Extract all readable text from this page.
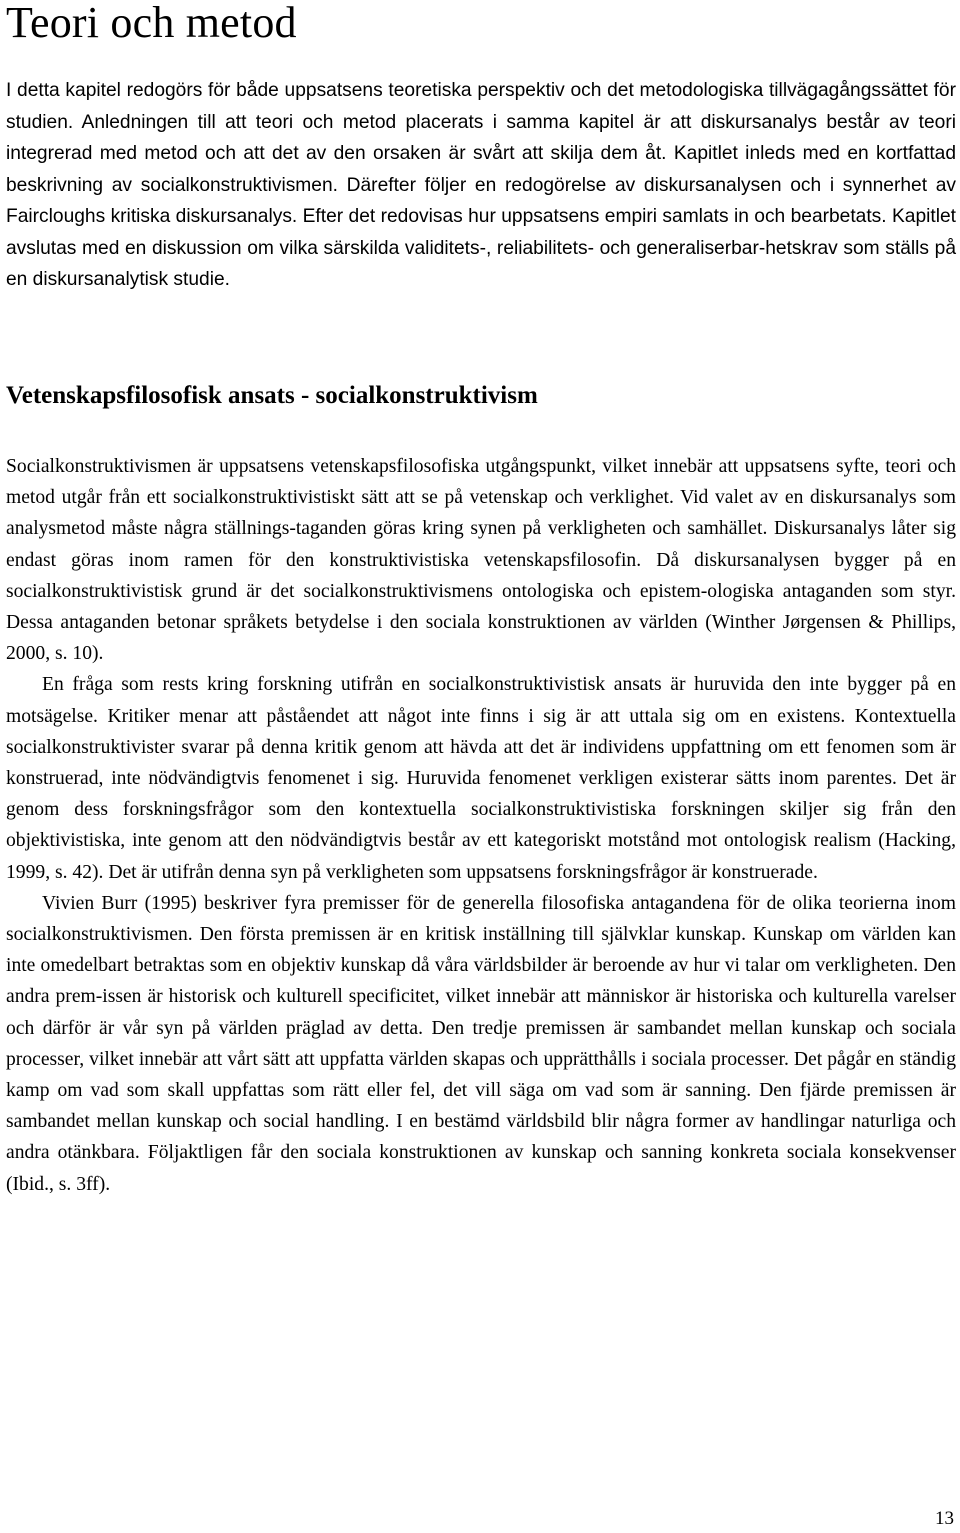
Teori och metod

I detta kapitel redogörs för både uppsatsens teoretiska perspektiv och det metodologiska tillvägagångssättet för studien. Anledningen till att teori och metod placerats i samma kapitel är att diskursanalys består av teori integrerad med metod och att det av den orsaken är svårt att skilja dem åt. Kapitlet inleds med en kortfattad beskrivning av socialkonstruktivismen. Därefter följer en redogörelse av diskursanalysen och i synnerhet av Faircloughs kritiska diskursanalys. Efter det redovisas hur uppsatsens empiri samlats in och bearbetats. Kapitlet avslutas med en diskussion om vilka särskilda validitets-, reliabilitets- och generaliserbar-hetskrav som ställs på en diskursanalytisk studie.

Vetenskapsfilosofisk ansats - socialkonstruktivism

Socialkonstruktivismen är uppsatsens vetenskapsfilosofiska utgångspunkt, vilket innebär att uppsatsens syfte, teori och metod utgår från ett socialkonstruktivistiskt sätt att se på vetenskap och verklighet. Vid valet av en diskursanalys som analysmetod måste några ställnings-taganden göras kring synen på verkligheten och samhället. Diskursanalys låter sig endast göras inom ramen för den konstruktivistiska vetenskapsfilosofin. Då diskursanalysen bygger på en socialkonstruktivistisk grund är det socialkonstruktivismens ontologiska och epistem-ologiska antaganden som styr. Dessa antaganden betonar språkets betydelse i den sociala konstruktionen av världen (Winther Jørgensen & Phillips, 2000, s. 10).

En fråga som rests kring forskning utifrån en socialkonstruktivistisk ansats är huruvida den inte bygger på en motsägelse. Kritiker menar att påståendet att något inte finns i sig är att uttala sig om en existens. Kontextuella socialkonstruktivister svarar på denna kritik genom att hävda att det är individens uppfattning om ett fenomen som är konstruerad, inte nödvändigtvis fenomenet i sig. Huruvida fenomenet verkligen existerar sätts inom parentes. Det är genom dess forskningsfrågor som den kontextuella socialkonstruktivistiska forskningen skiljer sig från den objektivistiska, inte genom att den nödvändigtvis består av ett kategoriskt motstånd mot ontologisk realism (Hacking, 1999, s. 42). Det är utifrån denna syn på verkligheten som uppsatsens forskningsfrågor är konstruerade.

Vivien Burr (1995) beskriver fyra premisser för de generella filosofiska antagandena för de olika teorierna inom socialkonstruktivismen. Den första premissen är en kritisk inställning till självklar kunskap. Kunskap om världen kan inte omedelbart betraktas som en objektiv kunskap då våra världsbilder är beroende av hur vi talar om verkligheten. Den andra prem-issen är historisk och kulturell specificitet, vilket innebär att människor är historiska och kulturella varelser och därför är vår syn på världen präglad av detta. Den tredje premissen är sambandet mellan kunskap och sociala processer, vilket innebär att vårt sätt att uppfatta världen skapas och upprätthålls i sociala processer. Det pågår en ständig kamp om vad som skall uppfattas som rätt eller fel, det vill säga om vad som är sanning. Den fjärde premissen är sambandet mellan kunskap och social handling. I en bestämd världsbild blir några former av handlingar naturliga och andra otänkbara. Följaktligen får den sociala konstruktionen av kunskap och sanning konkreta sociala konsekvenser (Ibid., s. 3ff).

13
